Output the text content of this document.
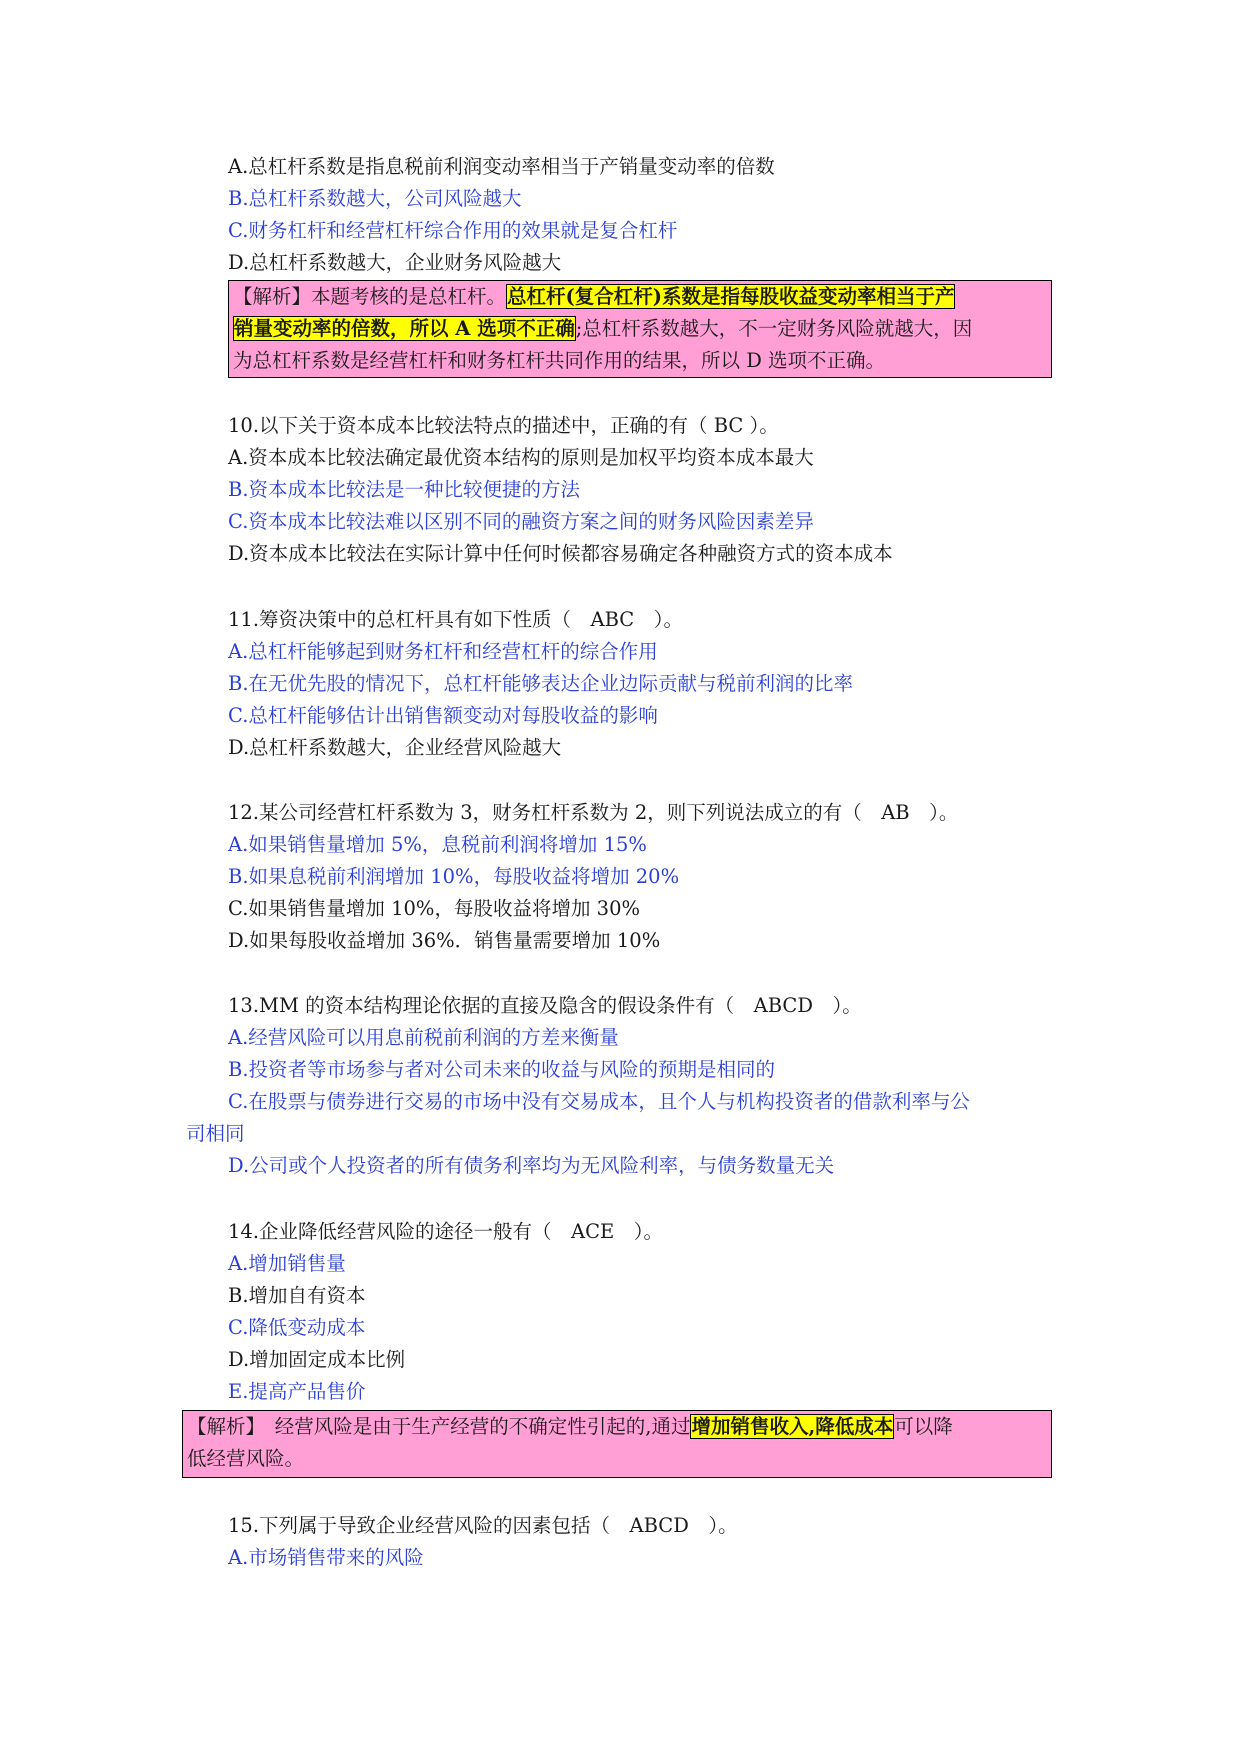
A.总杠杆系数是指息税前利润变动率相当于产销量变动率的倍数
B.总杠杆系数越大，公司风险越大
C.财务杠杆和经营杠杆综合作用的效果就是复合杠杆
D.总杠杆系数越大，企业财务风险越大
【解析】本题考核的是总杠杆。总杠杆(复合杠杆)系数是指每股收益变动率相当于产
销量变动率的倍数，所以 A 选项不正确;总杠杆系数越大，不一定财务风险就越大，因
为总杠杆系数是经营杠杆和财务杠杆共同作用的结果，所以 D 选项不正确。
10.以下关于资本成本比较法特点的描述中，正确的有（ BC ）。
A.资本成本比较法确定最优资本结构的原则是加权平均资本成本最大
B.资本成本比较法是一种比较便捷的方法
C.资本成本比较法难以区别不同的融资方案之间的财务风险因素差异
D.资本成本比较法在实际计算中任何时候都容易确定各种融资方式的资本成本
11.筹资决策中的总杠杆具有如下性质（　ABC　）。
A.总杠杆能够起到财务杠杆和经营杠杆的综合作用
B.在无优先股的情况下，总杠杆能够表达企业边际贡献与税前利润的比率
C.总杠杆能够估计出销售额变动对每股收益的影响
D.总杠杆系数越大，企业经营风险越大
12.某公司经营杠杆系数为 3，财务杠杆系数为 2，则下列说法成立的有（　AB　）。
A.如果销售量增加 5%，息税前利润将增加 15%
B.如果息税前利润增加 10%，每股收益将增加 20%
C.如果销售量增加 10%，每股收益将增加 30%
D.如果每股收益增加 36%．销售量需要增加 10%
13.MM 的资本结构理论依据的直接及隐含的假设条件有（　ABCD　）。
A.经营风险可以用息前税前利润的方差来衡量
B.投资者等市场参与者对公司未来的收益与风险的预期是相同的
C.在股票与债券进行交易的市场中没有交易成本，且个人与机构投资者的借款利率与公
司相同
D.公司或个人投资者的所有债务利率均为无风险利率，与债务数量无关
14.企业降低经营风险的途径一般有（　ACE　）。
A.增加销售量
B.增加自有资本
C.降低变动成本
D.增加固定成本比例
E.提高产品售价
【解析】　经营风险是由于生产经营的不确定性引起的,通过增加销售收入,降低成本可以降
低经营风险。
15.下列属于导致企业经营风险的因素包括（　ABCD　）。
A.市场销售带来的风险
